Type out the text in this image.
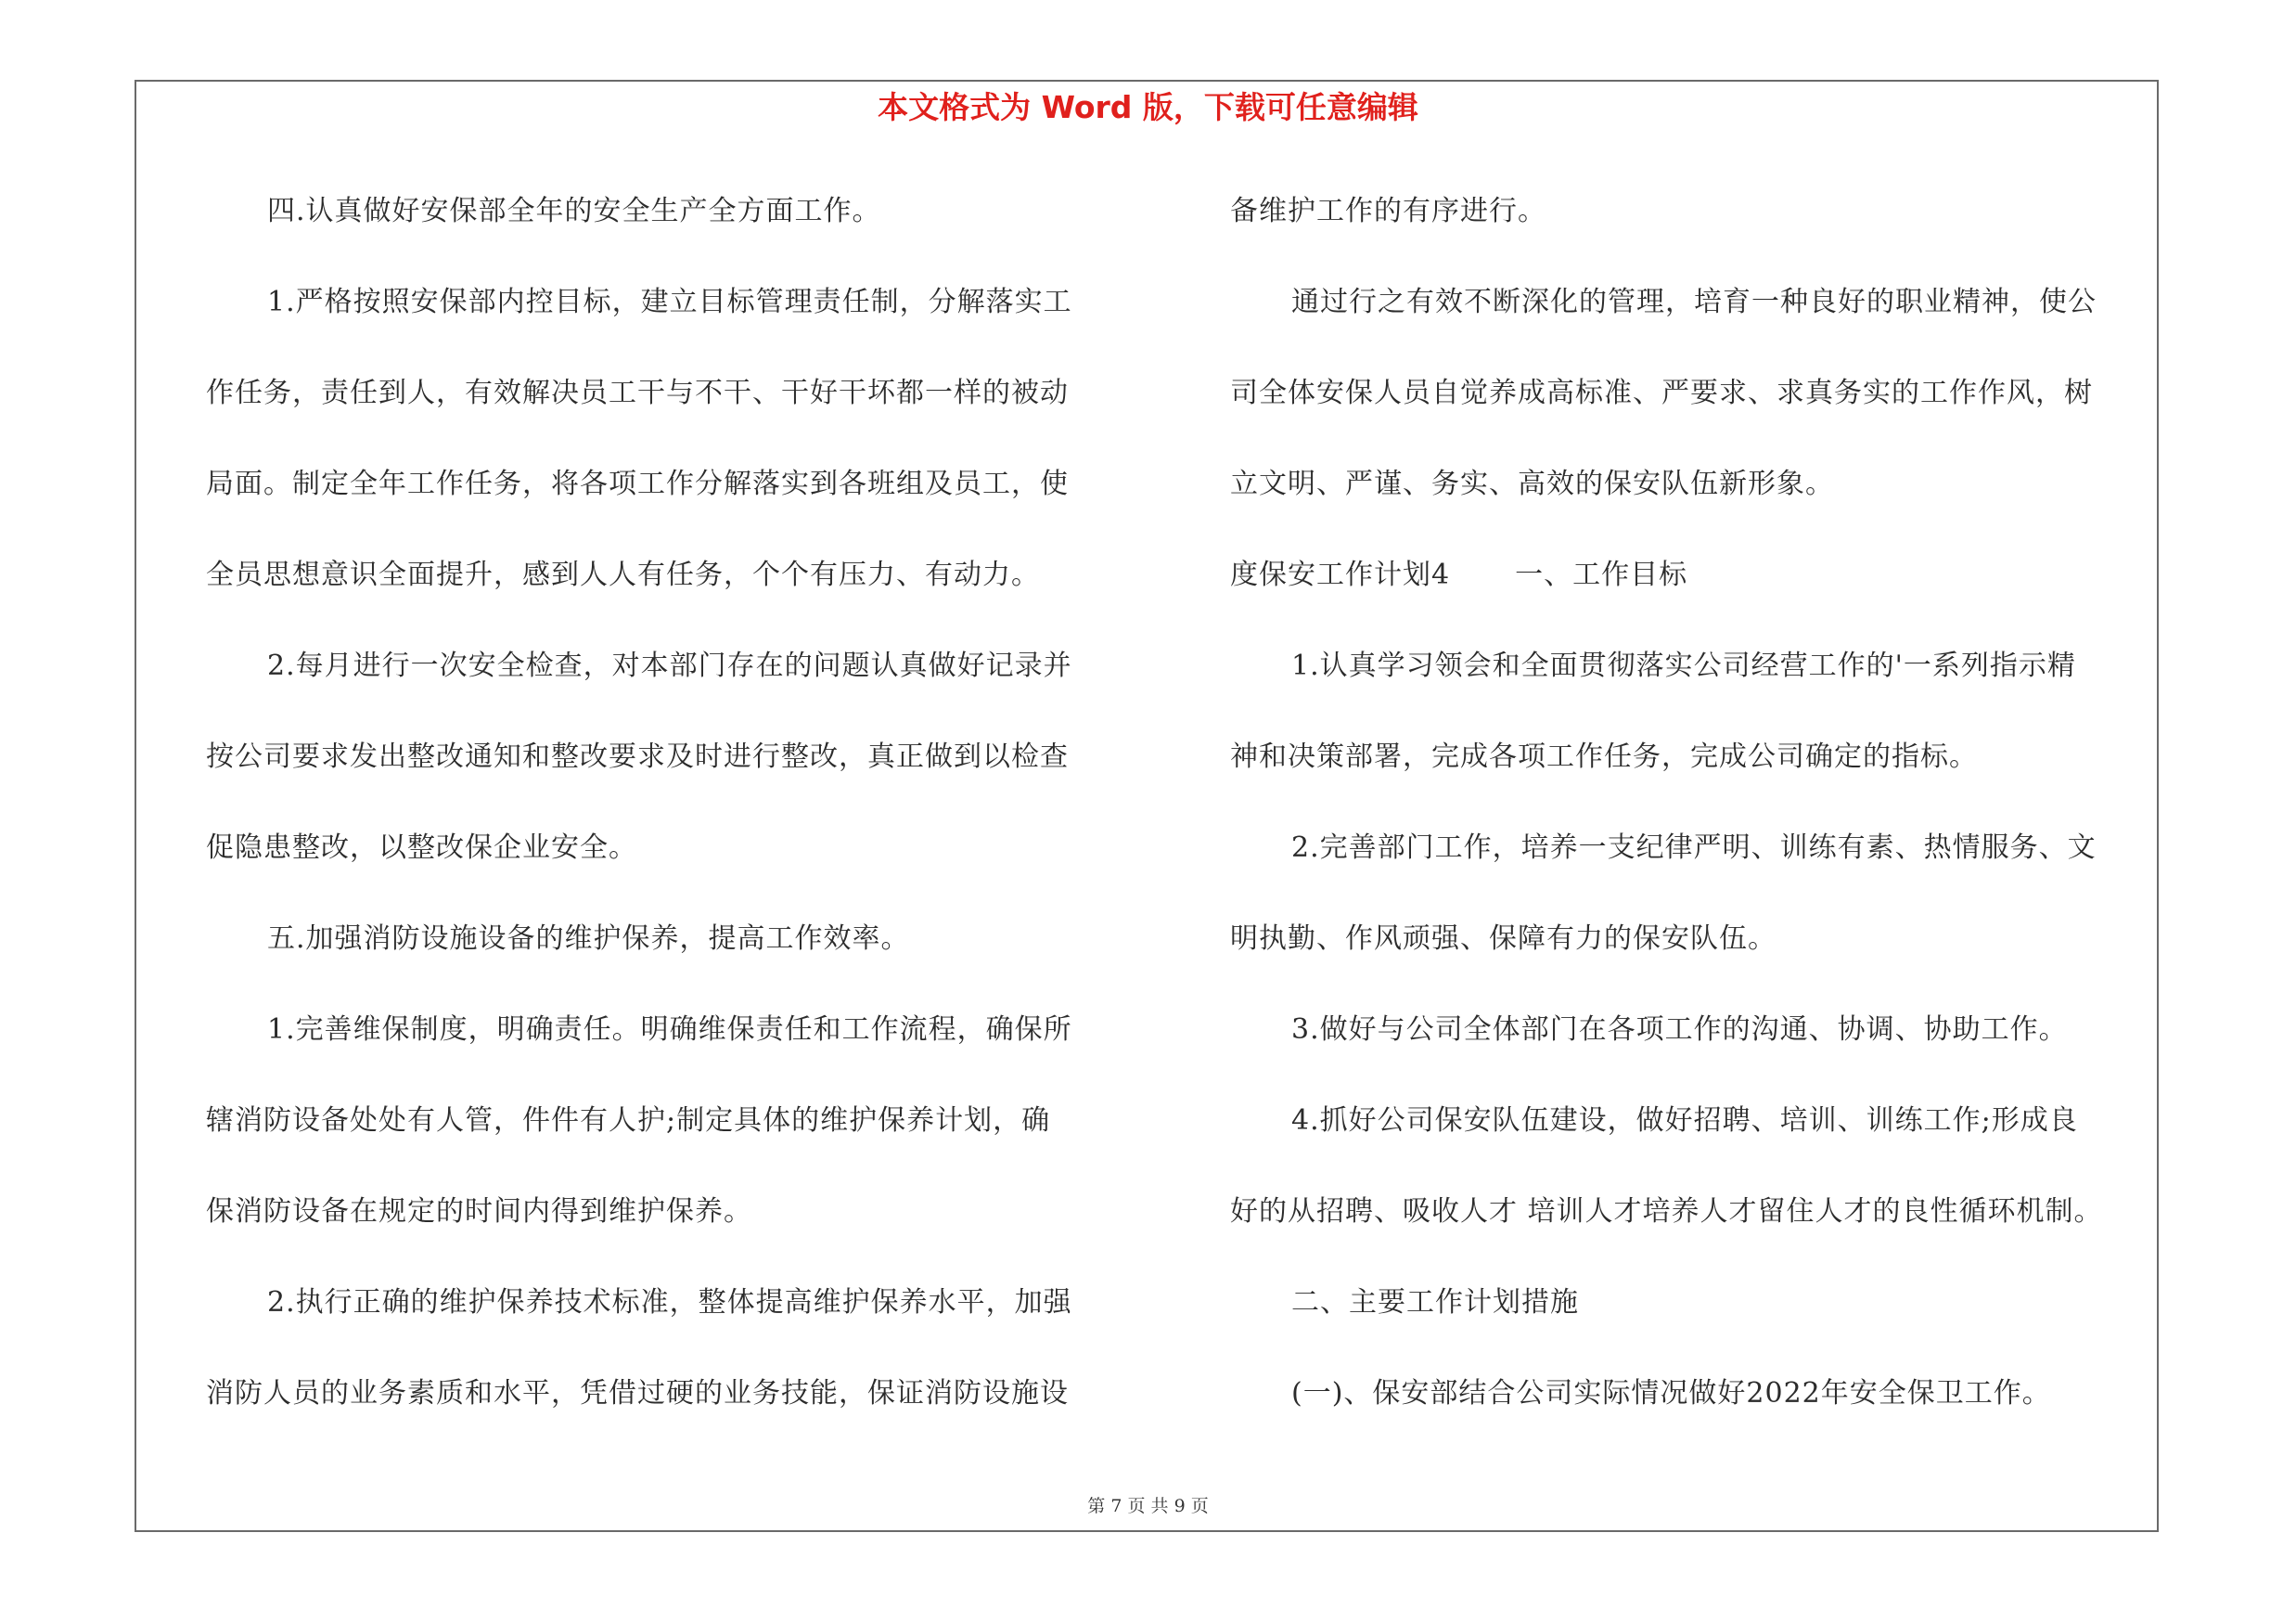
本文格式为 Word 版，下载可任意编辑
四.认真做好安保部全年的安全生产全方面工作。
1.严格按照安保部内控目标，建立目标管理责任制，分解落实工
作任务，责任到人，有效解决员工干与不干、干好干坏都一样的被动
局面。制定全年工作任务，将各项工作分解落实到各班组及员工，使
全员思想意识全面提升，感到人人有任务，个个有压力、有动力。
2.每月进行一次安全检查，对本部门存在的问题认真做好记录并
按公司要求发出整改通知和整改要求及时进行整改，真正做到以检查
促隐患整改，以整改保企业安全。
五.加强消防设施设备的维护保养，提高工作效率。
1.完善维保制度，明确责任。明确维保责任和工作流程，确保所
辖消防设备处处有人管，件件有人护;制定具体的维护保养计划，确
保消防设备在规定的时间内得到维护保养。
2.执行正确的维护保养技术标准，整体提高维护保养水平，加强
消防人员的业务素质和水平，凭借过硬的业务技能，保证消防设施设
备维护工作的有序进行。
通过行之有效不断深化的管理，培育一种良好的职业精神，使公
司全体安保人员自觉养成高标准、严要求、求真务实的工作作风，树
立文明、严谨、务实、高效的保安队伍新形象。
度保安工作计划4 一、工作目标
1.认真学习领会和全面贯彻落实公司经营工作的'一系列指示精
神和决策部署，完成各项工作任务，完成公司确定的指标。
2.完善部门工作，培养一支纪律严明、训练有素、热情服务、文
明执勤、作风顽强、保障有力的保安队伍。
3.做好与公司全体部门在各项工作的沟通、协调、协助工作。
4.抓好公司保安队伍建设，做好招聘、培训、训练工作;形成良
好的从招聘、吸收人才 培训人才培养人才留住人才的良性循环机制。
二、主要工作计划措施
(一)、保安部结合公司实际情况做好2022年安全保卫工作。
第 7 页 共 9 页
